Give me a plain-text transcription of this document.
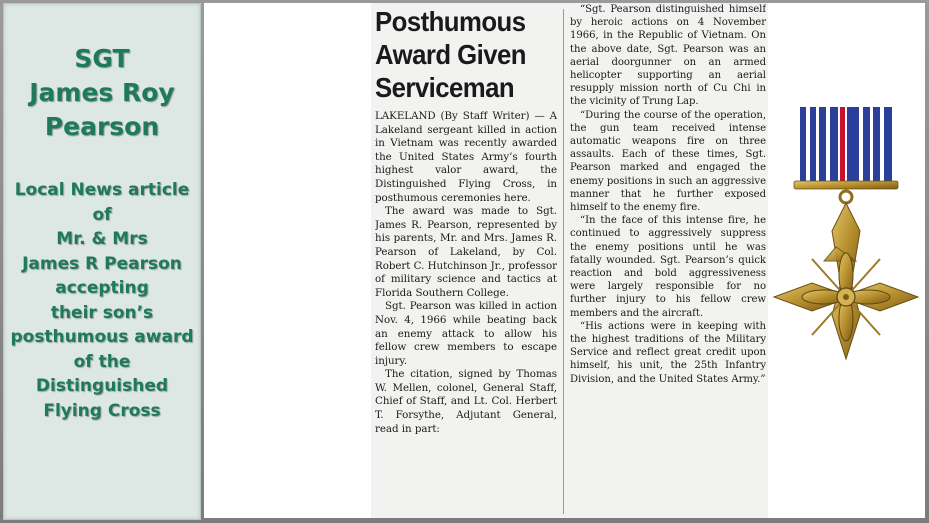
SGT
James Roy
Pearson
Local News article
of
Mr. & Mrs
James R Pearson
accepting
their son’s
posthumous award
of the
Distinguished
Flying Cross
Posthumous
Award Given
Serviceman

LAKELAND (By Staff Writer) — A Lakeland sergeant killed in action in Vietnam was recently awarded the United States Army’s fourth highest valor award, the Distinguished Flying Cross, in posthumous ceremonies here.

The award was made to Sgt. James R. Pearson, represented by his parents, Mr. and Mrs. James R. Pearson of Lakeland, by Col. Robert C. Hutchinson Jr., professor of military science and tactics at Florida Southern College.

Sgt. Pearson was killed in action Nov. 4, 1966 while beating back an enemy attack to allow his fellow crew members to escape injury.

The citation, signed by Thomas W. Mellen, colonel, General Staff, Chief of Staff, and Lt. Col. Herbert T. Forsythe, Adjutant General, read in part:

“Sgt. Pearson distinguished himself by heroic actions on 4 November 1966, in the Republic of Vietnam. On the above date, Sgt. Pearson was an aerial doorgunner on an armed helicopter supporting an aerial resupply mission north of Cu Chi in the vicinity of Trung Lap.

“During the course of the operation, the gun team received intense automatic weapons fire on three assaults. Each of these times, Sgt. Pearson marked and engaged the enemy positions in such an aggressive manner that he further exposed himself to the enemy fire.

“In the face of this intense fire, he continued to aggressively suppress the enemy positions until he was fatally wounded. Sgt. Pearson’s quick reaction and bold aggressiveness were largely responsible for no further injury to his fellow crew members and the aircraft.

“His actions were in keeping with the highest traditions of the Military Service and reflect great credit upon himself, his unit, the 25th Infantry Division, and the United States Army.”
